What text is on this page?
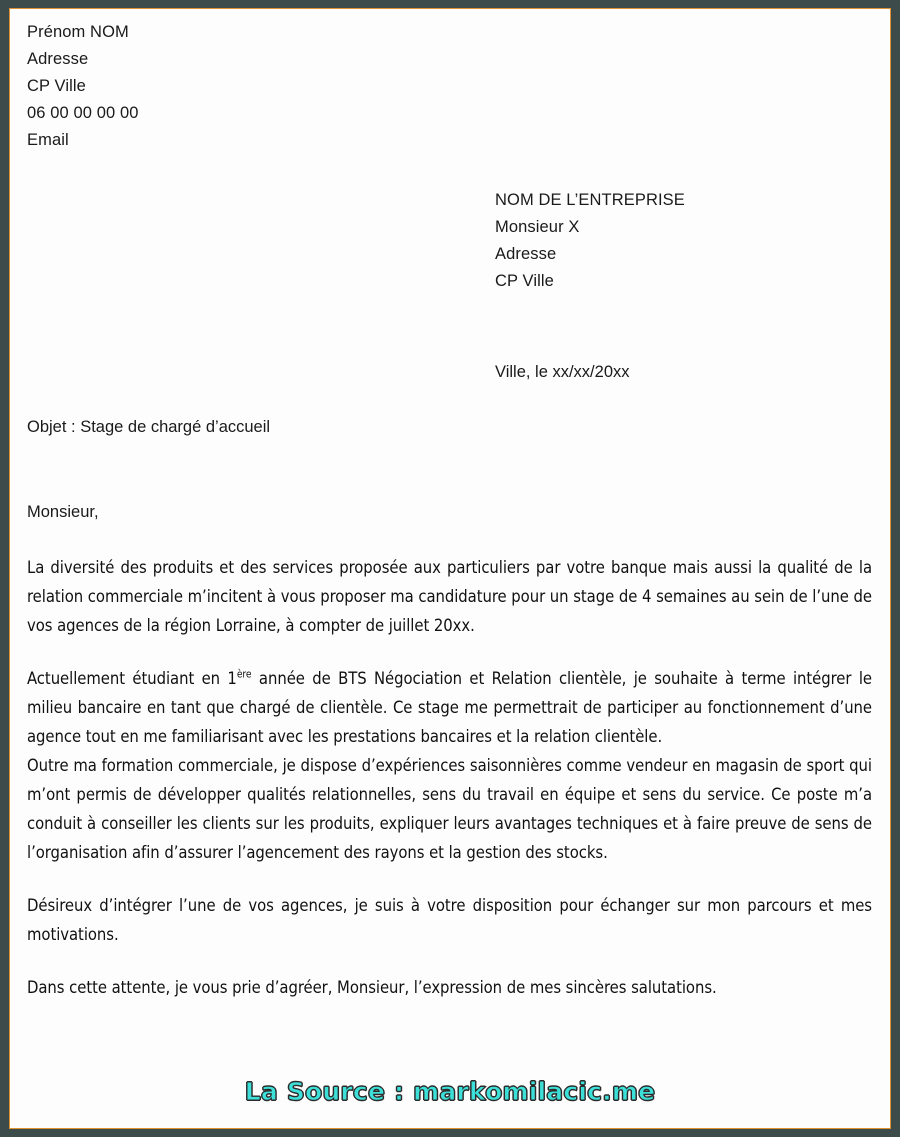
Prénom NOM
Adresse
CP Ville
06 00 00 00 00
Email
NOM DE L’ENTREPRISE
Monsieur X
Adresse
CP Ville
Ville, le xx/xx/20xx
Objet : Stage de chargé d’accueil
Monsieur,

La diversité des produits et des services proposée aux particuliers par votre banque mais aussi la qualité de la relation commerciale m’incitent à vous proposer ma candidature pour un stage de 4 semaines au sein de l’une de vos agences de la région Lorraine, à compter de juillet 20xx.

Actuellement étudiant en 1ère année de BTS Négociation et Relation clientèle, je souhaite à terme intégrer le milieu bancaire en tant que chargé de clientèle. Ce stage me permettrait de participer au fonctionnement d’une agence tout en me familiarisant avec les prestations bancaires et la relation clientèle.

Outre ma formation commerciale, je dispose d’expériences saisonnières comme vendeur en magasin de sport qui m’ont permis de développer qualités relationnelles, sens du travail en équipe et sens du service. Ce poste m’a conduit à conseiller les clients sur les produits, expliquer leurs avantages techniques et à faire preuve de sens de l’organisation afin d’assurer l’agencement des rayons et la gestion des stocks.

Désireux d’intégrer l’une de vos agences, je suis à votre disposition pour échanger sur mon parcours et mes motivations.

Dans cette attente, je vous prie d’agréer, Monsieur, l’expression de mes sincères salutations.

La Source : markomilacic.me
